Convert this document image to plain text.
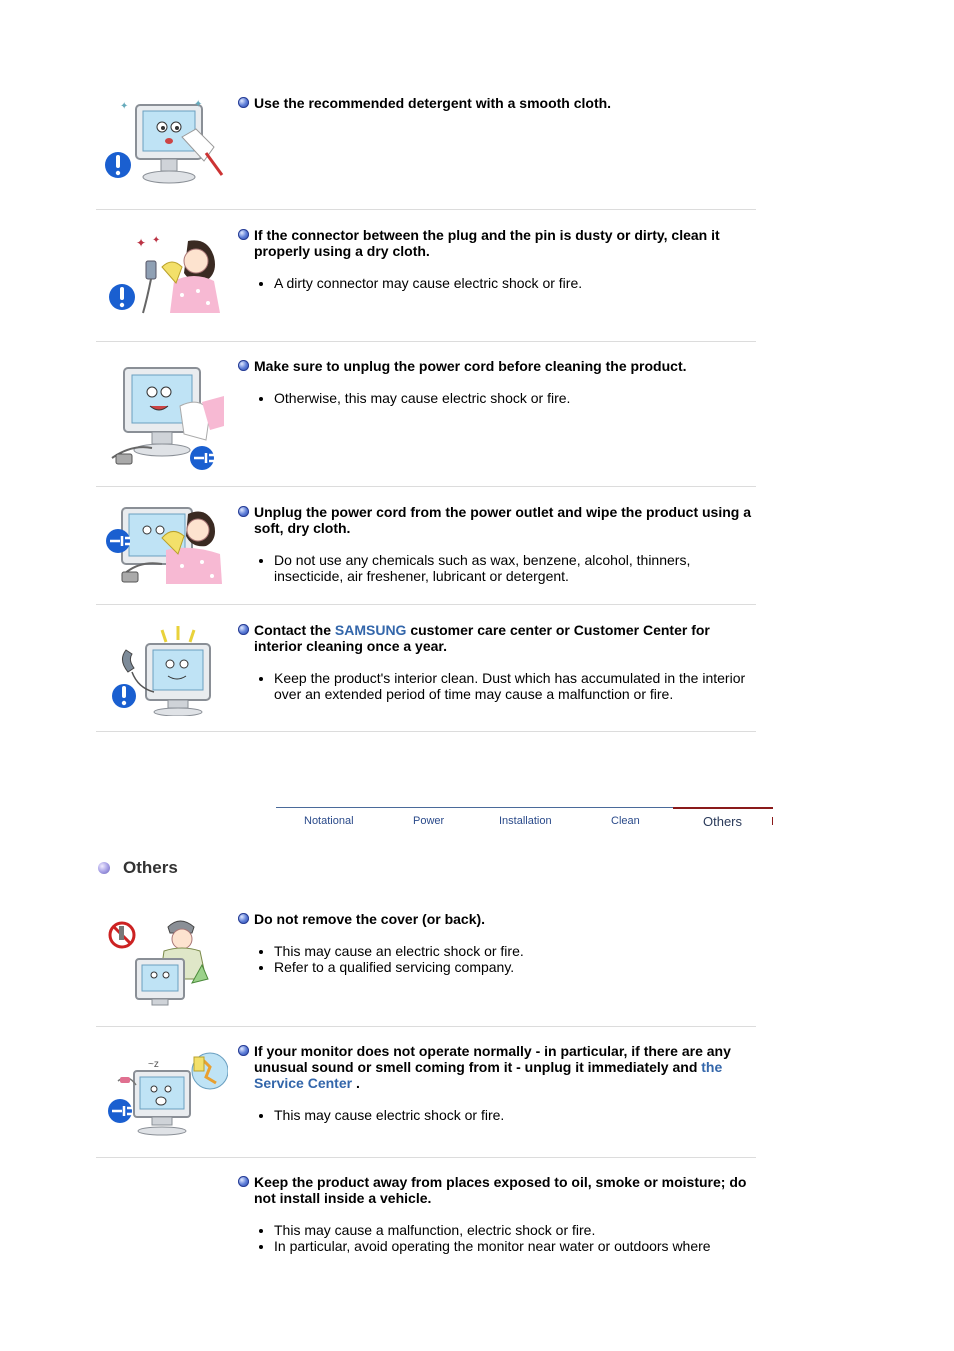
✦	✦	Use the recommended detergent with a smooth cloth.
✦ ✦	If the connector between the plug and the pin is dusty or dirty, clean it properly using a dry cloth.
• A dirty connector may cause electric shock or fire.
Make sure to unplug the power cord before cleaning the product.
• Otherwise, this may cause electric shock or fire.
Unplug the power cord from the power outlet and wipe the product using a soft, dry cloth.
• Do not use any chemicals such as wax, benzene, alcohol, thinners, insecticide, air freshener, lubricant or detergent.
Contact the SAMSUNG customer care center or Customer Center for interior cleaning once a year.
• Keep the product's interior clean. Dust which has accumulated in the interior over an extended period of time may cause a malfunction or fire.
Notational	Power	Installation	Clean	Others
Others
Do not remove the cover (or back).
• This may cause an electric shock or fire.
• Refer to a qualified servicing company.
~z
If your monitor does not operate normally - in particular, if there are any unusual sound or smell coming from it - unplug it immediately and the Service Center .
• This may cause electric shock or fire.
Keep the product away from places exposed to oil, smoke or moisture; do not install inside a vehicle.
• This may cause a malfunction, electric shock or fire.
• In particular, avoid operating the monitor near water or outdoors where
